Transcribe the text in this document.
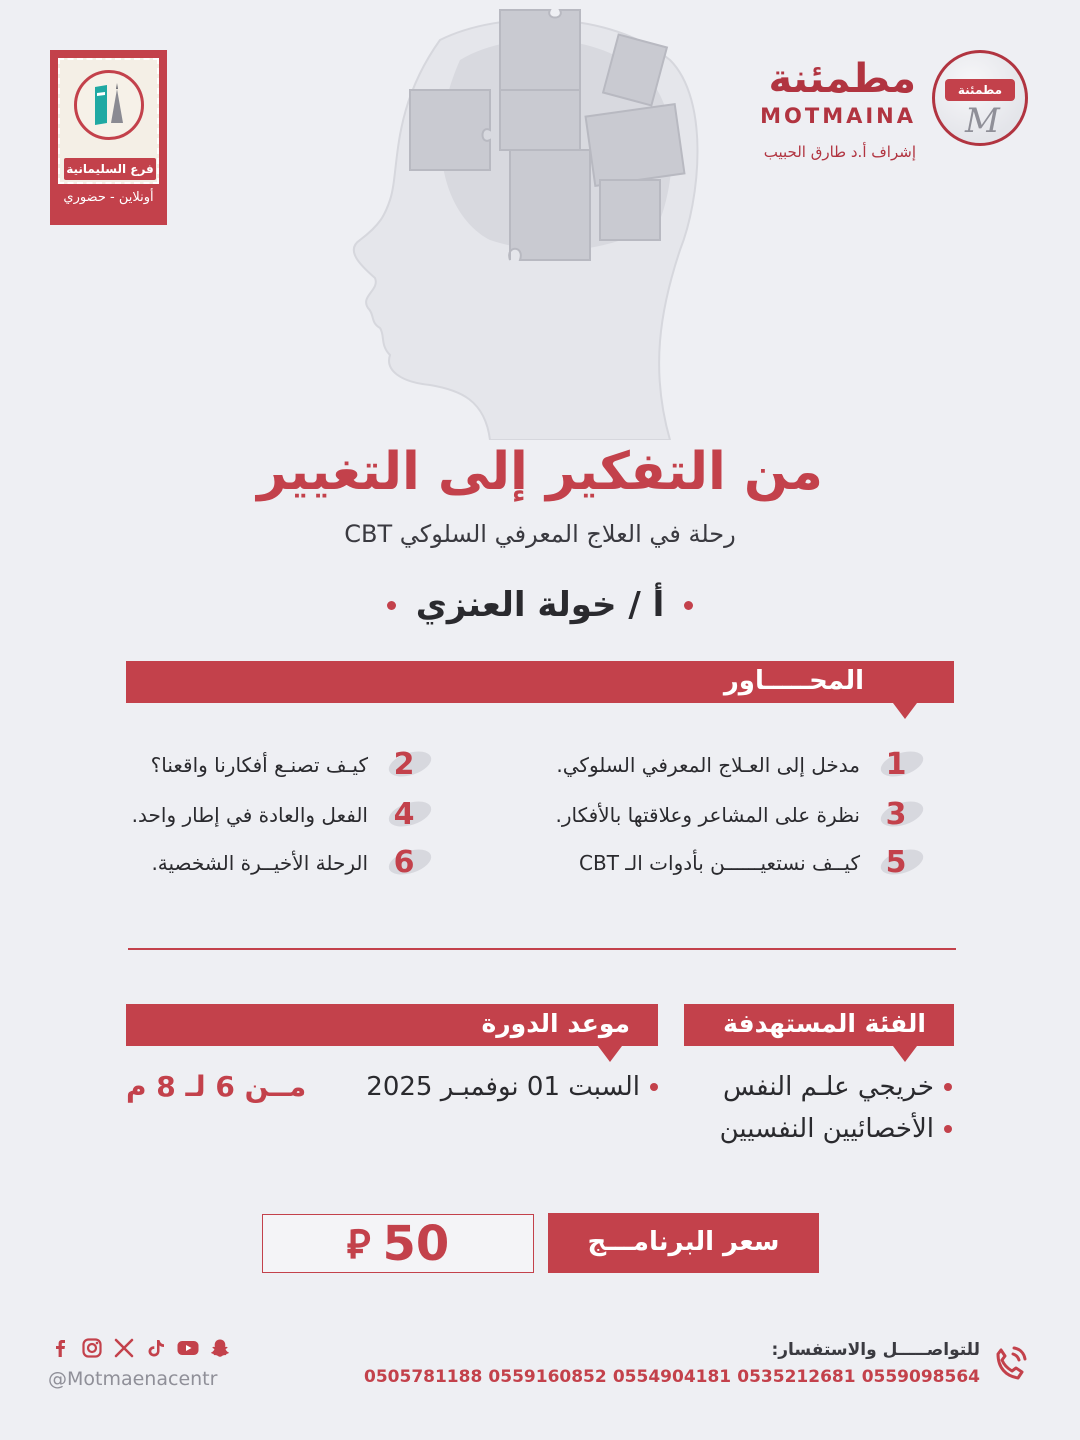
فرع السليمانية
أونلاين - حضوري
مطمئنة
M
مطمئنة
MOTMAINA
إشراف أ.د طارق الحبيب
من التفكير إلى التغيير
رحلة في العلاج المعرفي السلوكي CBT
أ / خولة العنزي
المحـــــاور
1
مدخل إلى العـلاج المعرفي السلوكي.
2
كيـف تصنـع أفكارنا واقعنا؟
3
نظرة على المشاعر وعلاقتها بالأفكار.
4
الفعل والعادة في إطار واحد.
5
كيــف نستعيــــــن بأدوات الـ CBT
6
الرحلة الأخيــرة الشخصية.
الفئة المستهدفة
موعد الدورة
خريجي علـم النفس
الأخصائيين النفسيين
السبت 01 نوفمبـر 2025
مــن 6 لـ 8 م
سعر البرنامـــج
⃁ 50
للتواصـــــل والاستفسار:
0505781188 0559160852 0554904181 0535212681 0559098564
@Motmaenacentr
